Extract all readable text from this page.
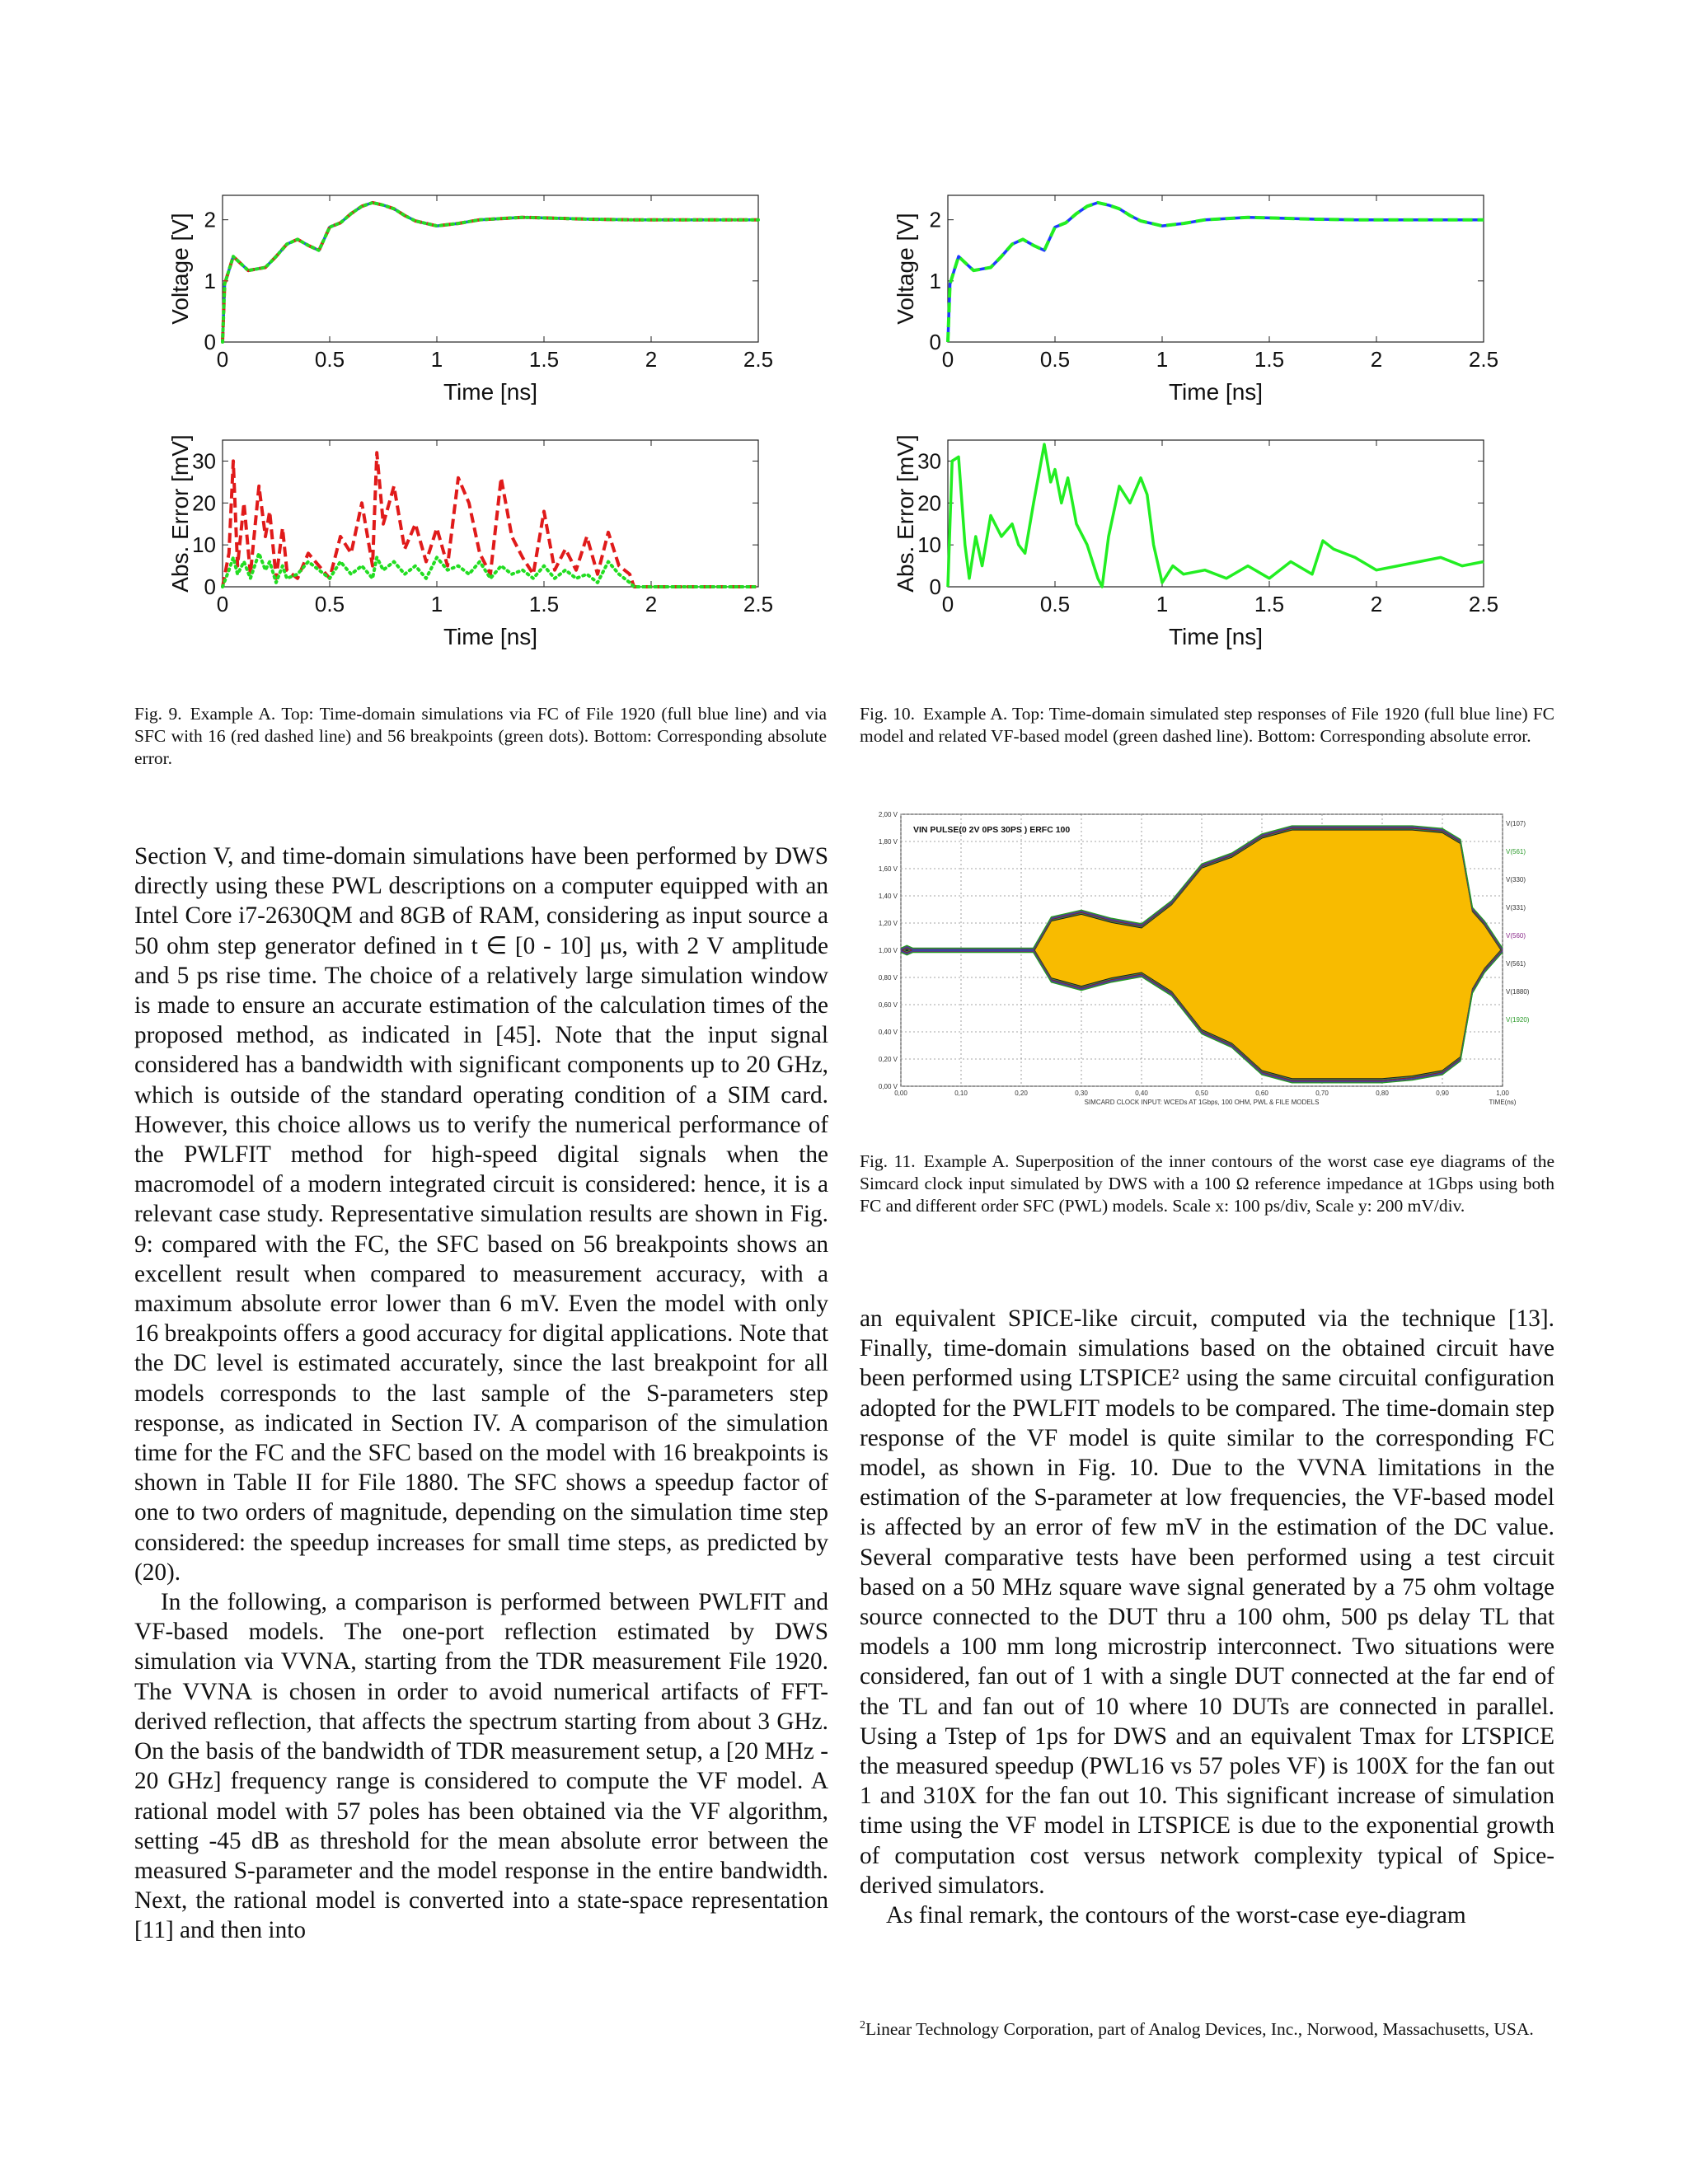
0	0.5	1	1.5	2	2.5
0
1
2
Time [ns]
Voltage [V]
0	0.5	1	1.5	2	2.5
0
10
20
30
Time [ns]
Abs. Error [mV]
0	0.5	1	1.5	2	2.5
0
1
2
Time [ns]
Voltage [V]
0	0.5	1	1.5	2	2.5
0
10
20
30
Time [ns]
Abs. Error [mV]
Fig. 9. Example A. Top: Time-domain simulations via FC of File 1920 (full blue line) and via SFC with 16 (red dashed line) and 56 breakpoints (green dots). Bottom: Corresponding absolute error.
Fig. 10. Example A. Top: Time-domain simulated step responses of File 1920 (full blue line) FC model and related VF-based model (green dashed line). Bottom: Corresponding absolute error.
0,00	0,10	0,20	0,30	0,40	0,50	0,60	0,70	0,80	0,90	1,00
0,00 V
0,20 V
0,40 V
0,60 V
0,80 V
1,00 V
1,20 V
1,40 V
1,60 V
1,80 V
2,00 V
VIN PULSE(0 2V 0PS 30PS ) ERFC 100
SIMCARD CLOCK INPUT: WCEDs AT 1Gbps, 100 OHM, PWL & FILE MODELS	TIME(ns)
V(107)
V(561)
V(330)
V(331)
V(560)
V(561)
V(1880)
V(1920)
Fig. 11. Example A. Superposition of the inner contours of the worst case eye diagrams of the Simcard clock input simulated by DWS with a 100 Ω reference impedance at 1Gbps using both FC and different order SFC (PWL) models. Scale x: 100 ps/div, Scale y: 200 mV/div.

Section V, and time-domain simulations have been performed by DWS directly using these PWL descriptions on a computer equipped with an Intel Core i7-2630QM and 8GB of RAM, considering as input source a 50 ohm step generator defined in t ∈ [0 - 10] μs, with 2 V amplitude and 5 ps rise time. The choice of a relatively large simulation window is made to ensure an accurate estimation of the calculation times of the proposed method, as indicated in [45]. Note that the input signal considered has a bandwidth with significant components up to 20 GHz, which is outside of the standard operating condition of a SIM card. However, this choice allows us to verify the numerical performance of the PWLFIT method for high-speed digital signals when the macromodel of a modern integrated circuit is considered: hence, it is a relevant case study. Representative simulation results are shown in Fig. 9: compared with the FC, the SFC based on 56 breakpoints shows an excellent result when compared to measurement accuracy, with a maximum absolute error lower than 6 mV. Even the model with only 16 breakpoints offers a good accuracy for digital applications. Note that the DC level is estimated accurately, since the last breakpoint for all models corresponds to the last sample of the S-parameters step response, as indicated in Section IV. A comparison of the simulation time for the FC and the SFC based on the model with 16 breakpoints is shown in Table II for File 1880. The SFC shows a speedup factor of one to two orders of magnitude, depending on the simulation time step considered: the speedup increases for small time steps, as predicted by (20).

In the following, a comparison is performed between PWLFIT and VF-based models. The one-port reflection estimated by DWS simulation via VVNA, starting from the TDR measurement File 1920. The VVNA is chosen in order to avoid numerical artifacts of FFT-derived reflection, that affects the spectrum starting from about 3 GHz. On the basis of the bandwidth of TDR measurement setup, a [20 MHz - 20 GHz] frequency range is considered to compute the VF model. A rational model with 57 poles has been obtained via the VF algorithm, setting -45 dB as threshold for the mean absolute error between the measured S-parameter and the model response in the entire bandwidth. Next, the rational model is converted into a state-space representation [11] and then into

an equivalent SPICE-like circuit, computed via the technique [13]. Finally, time-domain simulations based on the obtained circuit have been performed using LTSPICE² using the same circuital configuration adopted for the PWLFIT models to be compared. The time-domain step response of the VF model is quite similar to the corresponding FC model, as shown in Fig. 10. Due to the VVNA limitations in the estimation of the S-parameter at low frequencies, the VF-based model is affected by an error of few mV in the estimation of the DC value. Several comparative tests have been performed using a test circuit based on a 50 MHz square wave signal generated by a 75 ohm voltage source connected to the DUT thru a 100 ohm, 500 ps delay TL that models a 100 mm long microstrip interconnect. Two situations were considered, fan out of 1 with a single DUT connected at the far end of the TL and fan out of 10 where 10 DUTs are connected in parallel. Using a Tstep of 1ps for DWS and an equivalent Tmax for LTSPICE the measured speedup (PWL16 vs 57 poles VF) is 100X for the fan out 1 and 310X for the fan out 10. This significant increase of simulation time using the VF model in LTSPICE is due to the exponential growth of computation cost versus network complexity typical of Spice-derived simulators.

As final remark, the contours of the worst-case eye-diagram

$^2$Linear Technology Corporation, part of Analog Devices, Inc., Norwood, Massachusetts, USA.
